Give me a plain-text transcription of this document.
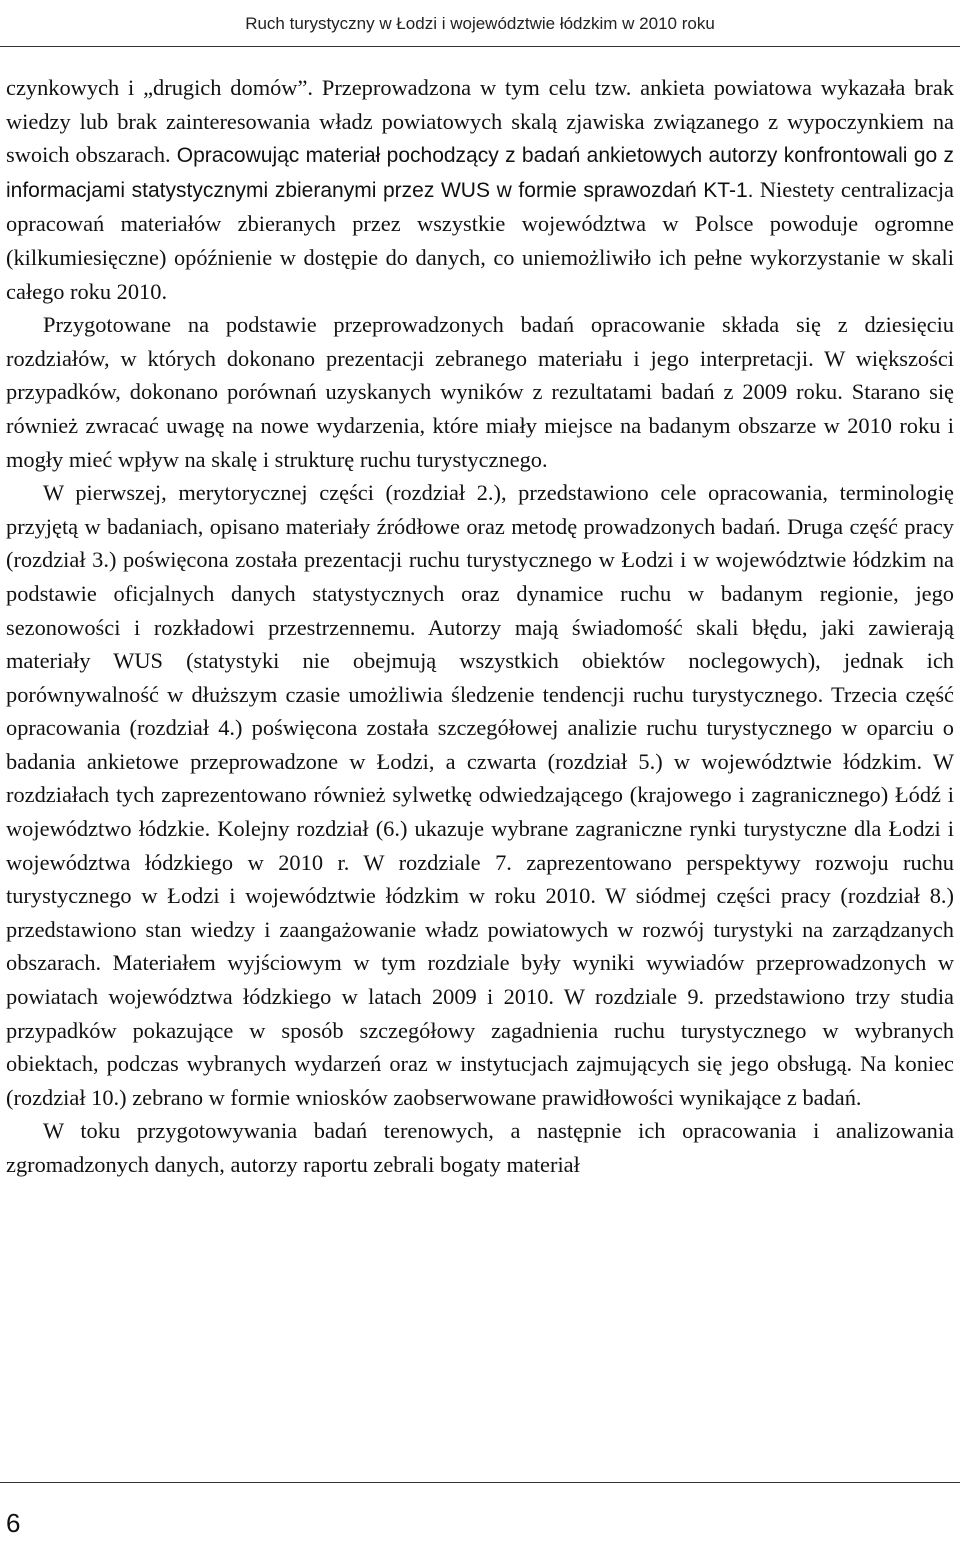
Ruch turystyczny w Łodzi i województwie łódzkim w 2010 roku

czynkowych i „drugich domów”. Przeprowadzona w tym celu tzw. ankieta powiatowa wykazała brak wiedzy lub brak zainteresowania władz powiatowych skalą zjawiska związanego z wypoczynkiem na swoich obszarach. Opracowując materiał pochodzący z badań ankietowych autorzy konfrontowali go z informacjami statystycznymi zbieranymi przez WUS w formie sprawozdań KT-1. Niestety centralizacja opracowań materiałów zbieranych przez wszystkie województwa w Polsce powoduje ogromne (kilkumiesięczne) opóźnienie w dostępie do danych, co uniemożliwiło ich pełne wykorzystanie w skali całego roku 2010.

Przygotowane na podstawie przeprowadzonych badań opracowanie składa się z dziesięciu rozdziałów, w których dokonano prezentacji zebranego materiału i jego interpretacji. W większości przypadków, dokonano porównań uzyskanych wyników z rezultatami badań z 2009 roku. Starano się również zwracać uwagę na nowe wydarzenia, które miały miejsce na badanym obszarze w 2010 roku i mogły mieć wpływ na skalę i strukturę ruchu turystycznego.

W pierwszej, merytorycznej części (rozdział 2.), przedstawiono cele opracowania, terminologię przyjętą w badaniach, opisano materiały źródłowe oraz metodę prowadzonych badań. Druga część pracy (rozdział 3.) poświęcona została prezentacji ruchu turystycznego w Łodzi i w województwie łódzkim na podstawie oficjalnych danych statystycznych oraz dynamice ruchu w badanym regionie, jego sezonowości i rozkładowi przestrzennemu. Autorzy mają świadomość skali błędu, jaki zawierają materiały WUS (statystyki nie obejmują wszystkich obiektów noclegowych), jednak ich porównywalność w dłuższym czasie umożliwia śledzenie tendencji ruchu turystycznego. Trzecia część opracowania (rozdział 4.) poświęcona została szczegółowej analizie ruchu turystycznego w oparciu o badania ankietowe przeprowadzone w Łodzi, a czwarta (rozdział 5.) w województwie łódzkim. W rozdziałach tych zaprezentowano również sylwetkę odwiedzającego (krajowego i zagranicznego) Łódź i województwo łódzkie. Kolejny rozdział (6.) ukazuje wybrane zagraniczne rynki turystyczne dla Łodzi i województwa łódzkiego w 2010 r. W rozdziale 7. zaprezentowano perspektywy rozwoju ruchu turystycznego w Łodzi i województwie łódzkim w roku 2010. W siódmej części pracy (rozdział 8.) przedstawiono stan wiedzy i zaangażowanie władz powiatowych w rozwój turystyki na zarządzanych obszarach. Materiałem wyjściowym w tym rozdziale były wyniki wywiadów przeprowadzonych w powiatach województwa łódzkiego w latach 2009 i 2010. W rozdziale 9. przedstawiono trzy studia przypadków pokazujące w sposób szczegółowy zagadnienia ruchu turystycznego w wybranych obiektach, podczas wybranych wydarzeń oraz w instytucjach zajmujących się jego obsługą. Na koniec (rozdział 10.) zebrano w formie wniosków zaobserwowane prawidłowości wynikające z badań.

W toku przygotowywania badań terenowych, a następnie ich opracowania i analizowania zgromadzonych danych, autorzy raportu zebrali bogaty materiał

6
